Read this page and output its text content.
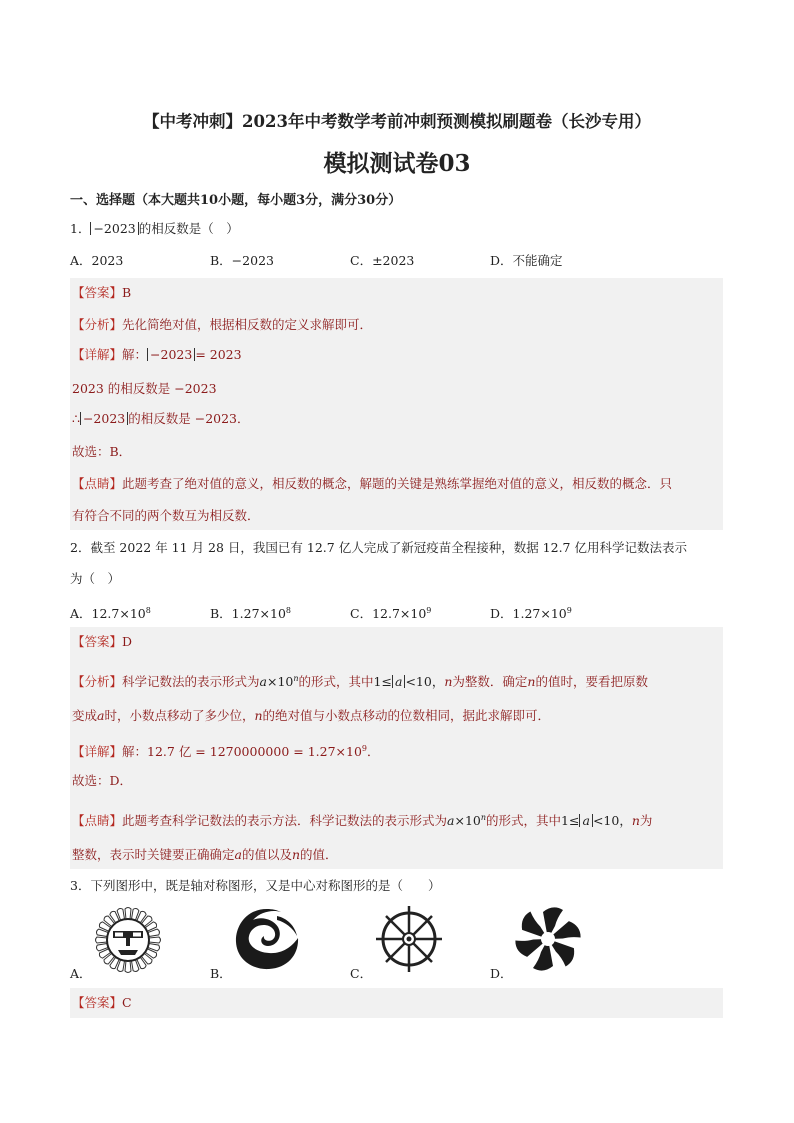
【中考冲刺】2023年中考数学考前冲刺预测模拟刷题卷（长沙专用）
模拟测试卷03
一、选择题（本大题共10小题，每小题3分，满分30分）
1． −2023 的相反数是（　）
A．2023	B．−2023	C．±2023	D．不能确定
【答案】B
【分析】先化简绝对值，根据相反数的定义求解即可．
【详解】解： −2023 = 2023
2023 的相反数是 −2023
∴ −2023 的相反数是 −2023．
故选：B．
【点睛】此题考查了绝对值的意义，相反数的概念，解题的关键是熟练掌握绝对值的意义，相反数的概念．只
有符合不同的两个数互为相反数．
2．截至 2022 年 11 月 28 日，我国已有 12.7 亿人完成了新冠疫苗全程接种，数据 12.7 亿用科学记数法表示
为（　）
A．$12.7\times 10^8$	B．$1.27\times 10^8$	C．$12.7\times 10^9$	D．$1.27\times 10^9$
【答案】D
【分析】科学记数法的表示形式为$a\times 10^n$的形式，其中1≤ a <10，n为整数．确定n的值时，要看把原数
变成a时，小数点移动了多少位，n的绝对值与小数点移动的位数相同，据此求解即可．
【详解】解：12.7 亿 = $1270000000 = 1.27\times 10^9$．
故选：D．
【点睛】此题考查科学记数法的表示方法．科学记数法的表示形式为$a\times 10^n$的形式，其中1≤ a <10，n为
整数，表示时关键要正确确定a的值以及n的值．
3．下列图形中，既是轴对称图形，又是中心对称图形的是（　　）
A．	B．	C．	D．
【答案】C
